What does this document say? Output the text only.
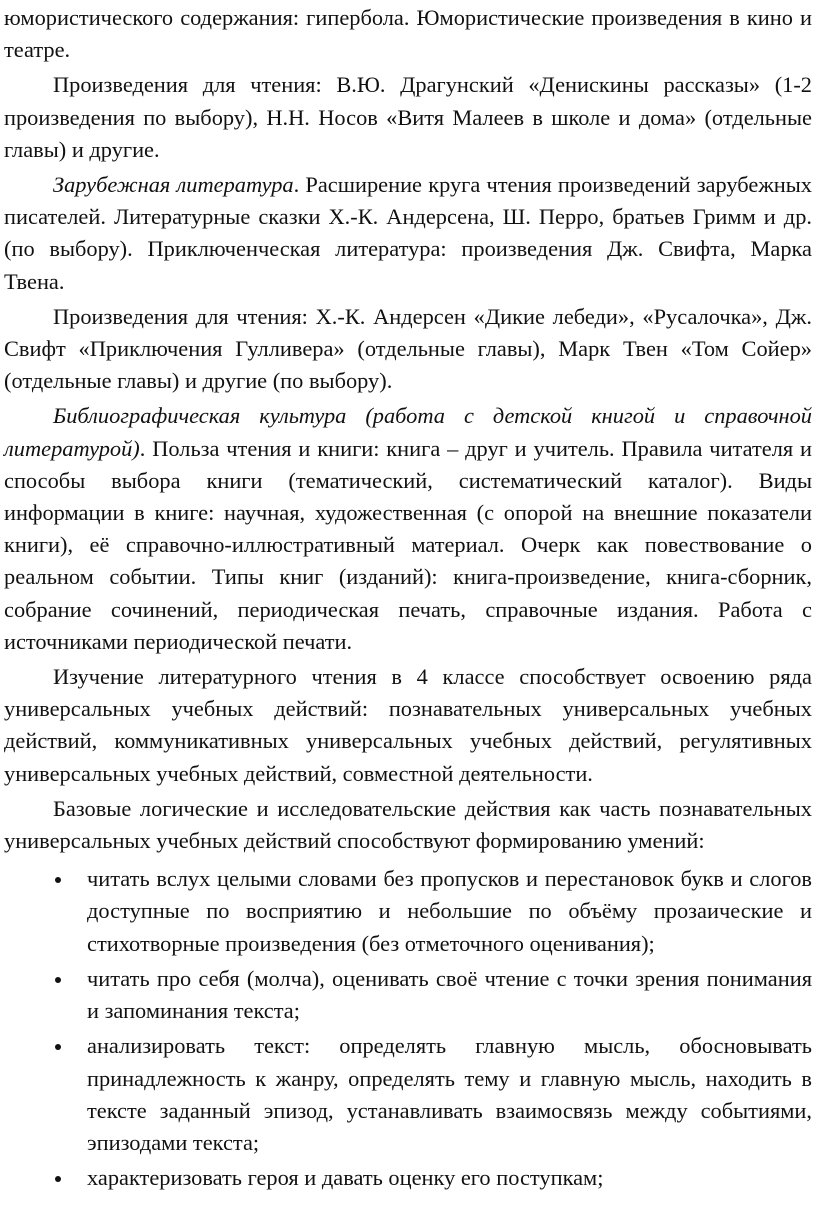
юмористического содержания: гипербола. Юмористические произведения в кино и театре.

Произведения для чтения: В.Ю. Драгунский «Денискины рассказы» (1-2 произведения по выбору), Н.Н. Носов «Витя Малеев в школе и дома» (отдельные главы) и другие.

Зарубежная литература. Расширение круга чтения произведений зарубежных писателей. Литературные сказки Х.-К. Андерсена, Ш. Перро, братьев Гримм и др. (по выбору). Приключенческая литература: произведения Дж. Свифта, Марка Твена.

Произведения для чтения: Х.-К. Андерсен «Дикие лебеди», «Русалочка», Дж. Свифт «Приключения Гулливера» (отдельные главы), Марк Твен «Том Сойер» (отдельные главы) и другие (по выбору).

Библиографическая культура (работа с детской книгой и справочной литературой). Польза чтения и книги: книга – друг и учитель. Правила читателя и способы выбора книги (тематический, систематический каталог). Виды информации в книге: научная, художественная (с опорой на внешние показатели книги), её справочно-иллюстративный материал. Очерк как повествование о реальном событии. Типы книг (изданий): книга-произведение, книга-сборник, собрание сочинений, периодическая печать, справочные издания. Работа с источниками периодической печати.

Изучение литературного чтения в 4 классе способствует освоению ряда универсальных учебных действий: познавательных универсальных учебных действий, коммуникативных универсальных учебных действий, регулятивных универсальных учебных действий, совместной деятельности.

Базовые логические и исследовательские действия как часть познавательных универсальных учебных действий способствуют формированию умений:

читать вслух целыми словами без пропусков и перестановок букв и слогов доступные по восприятию и небольшие по объёму прозаические и стихотворные произведения (без отметочного оценивания);
читать про себя (молча), оценивать своё чтение с точки зрения понимания и запоминания текста;
анализировать текст: определять главную мысль, обосновывать принадлежность к жанру, определять тему и главную мысль, находить в тексте заданный эпизод, устанавливать взаимосвязь между событиями, эпизодами текста;
характеризовать героя и давать оценку его поступкам;
